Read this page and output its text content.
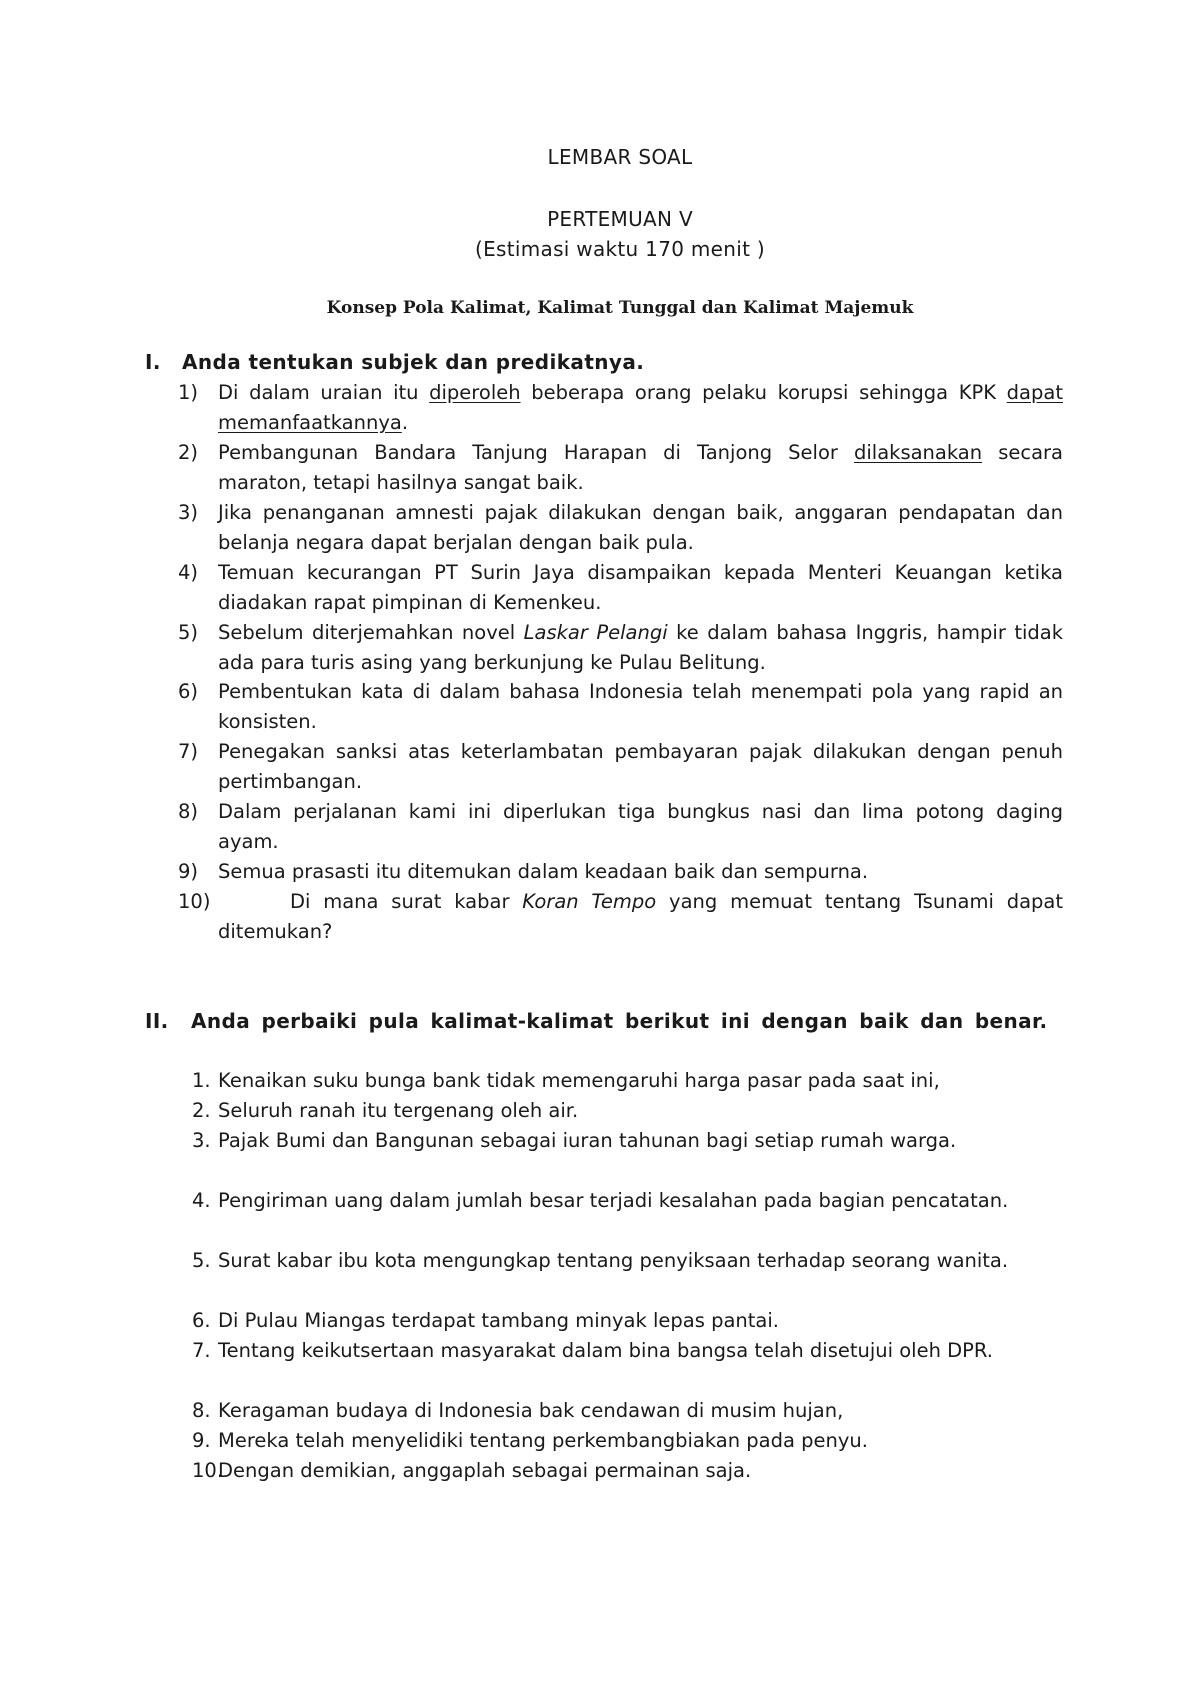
LEMBAR SOAL
PERTEMUAN V
(Estimasi waktu 170 menit )
Konsep Pola Kalimat, Kalimat Tunggal dan Kalimat Majemuk
I. Anda tentukan subjek dan predikatnya.
1)	Di dalam uraian itu diperoleh beberapa orang pelaku korupsi sehingga KPK dapat memanfaatkannya.
2)	Pembangunan Bandara Tanjung Harapan di Tanjong Selor dilaksanakan secara maraton, tetapi hasilnya sangat baik.
3)	Jika penanganan amnesti pajak dilakukan dengan baik, anggaran pendapatan dan belanja negara dapat berjalan dengan baik pula.
4)	Temuan kecurangan PT Surin Jaya disampaikan kepada Menteri Keuangan ketika diadakan rapat pimpinan di Kemenkeu.
5)	Sebelum diterjemahkan novel Laskar Pelangi ke dalam bahasa Inggris, hampir tidak ada para turis asing yang berkunjung ke Pulau Belitung.
6)	Pembentukan kata di dalam bahasa Indonesia telah menempati pola yang rapid an konsisten.
7)	Penegakan sanksi atas keterlambatan pembayaran pajak dilakukan dengan penuh pertimbangan.
8)	Dalam perjalanan kami ini diperlukan tiga bungkus nasi dan lima potong daging ayam.
9)	Semua prasasti itu ditemukan dalam keadaan baik dan sempurna.
10)	Di mana surat kabar Koran Tempo yang memuat tentang Tsunami dapat ditemukan?
II.	Anda perbaiki pula kalimat-kalimat berikut ini dengan baik dan benar.
1. Kenaikan suku bunga bank tidak memengaruhi harga pasar pada saat ini,
2. Seluruh ranah itu tergenang oleh air.
3. Pajak Bumi dan Bangunan sebagai iuran tahunan bagi setiap rumah warga.
4. Pengiriman uang dalam jumlah besar terjadi kesalahan pada bagian pencatatan.
5. Surat kabar ibu kota mengungkap tentang penyiksaan terhadap seorang wanita.
6. Di Pulau Miangas terdapat tambang minyak lepas pantai.
7. Tentang keikutsertaan masyarakat dalam bina bangsa telah disetujui oleh DPR.
8. Keragaman budaya di Indonesia bak cendawan di musim hujan,
9. Mereka telah menyelidiki tentang perkembangbiakan pada penyu.
10.
Dengan demikian, anggaplah sebagai permainan saja.
